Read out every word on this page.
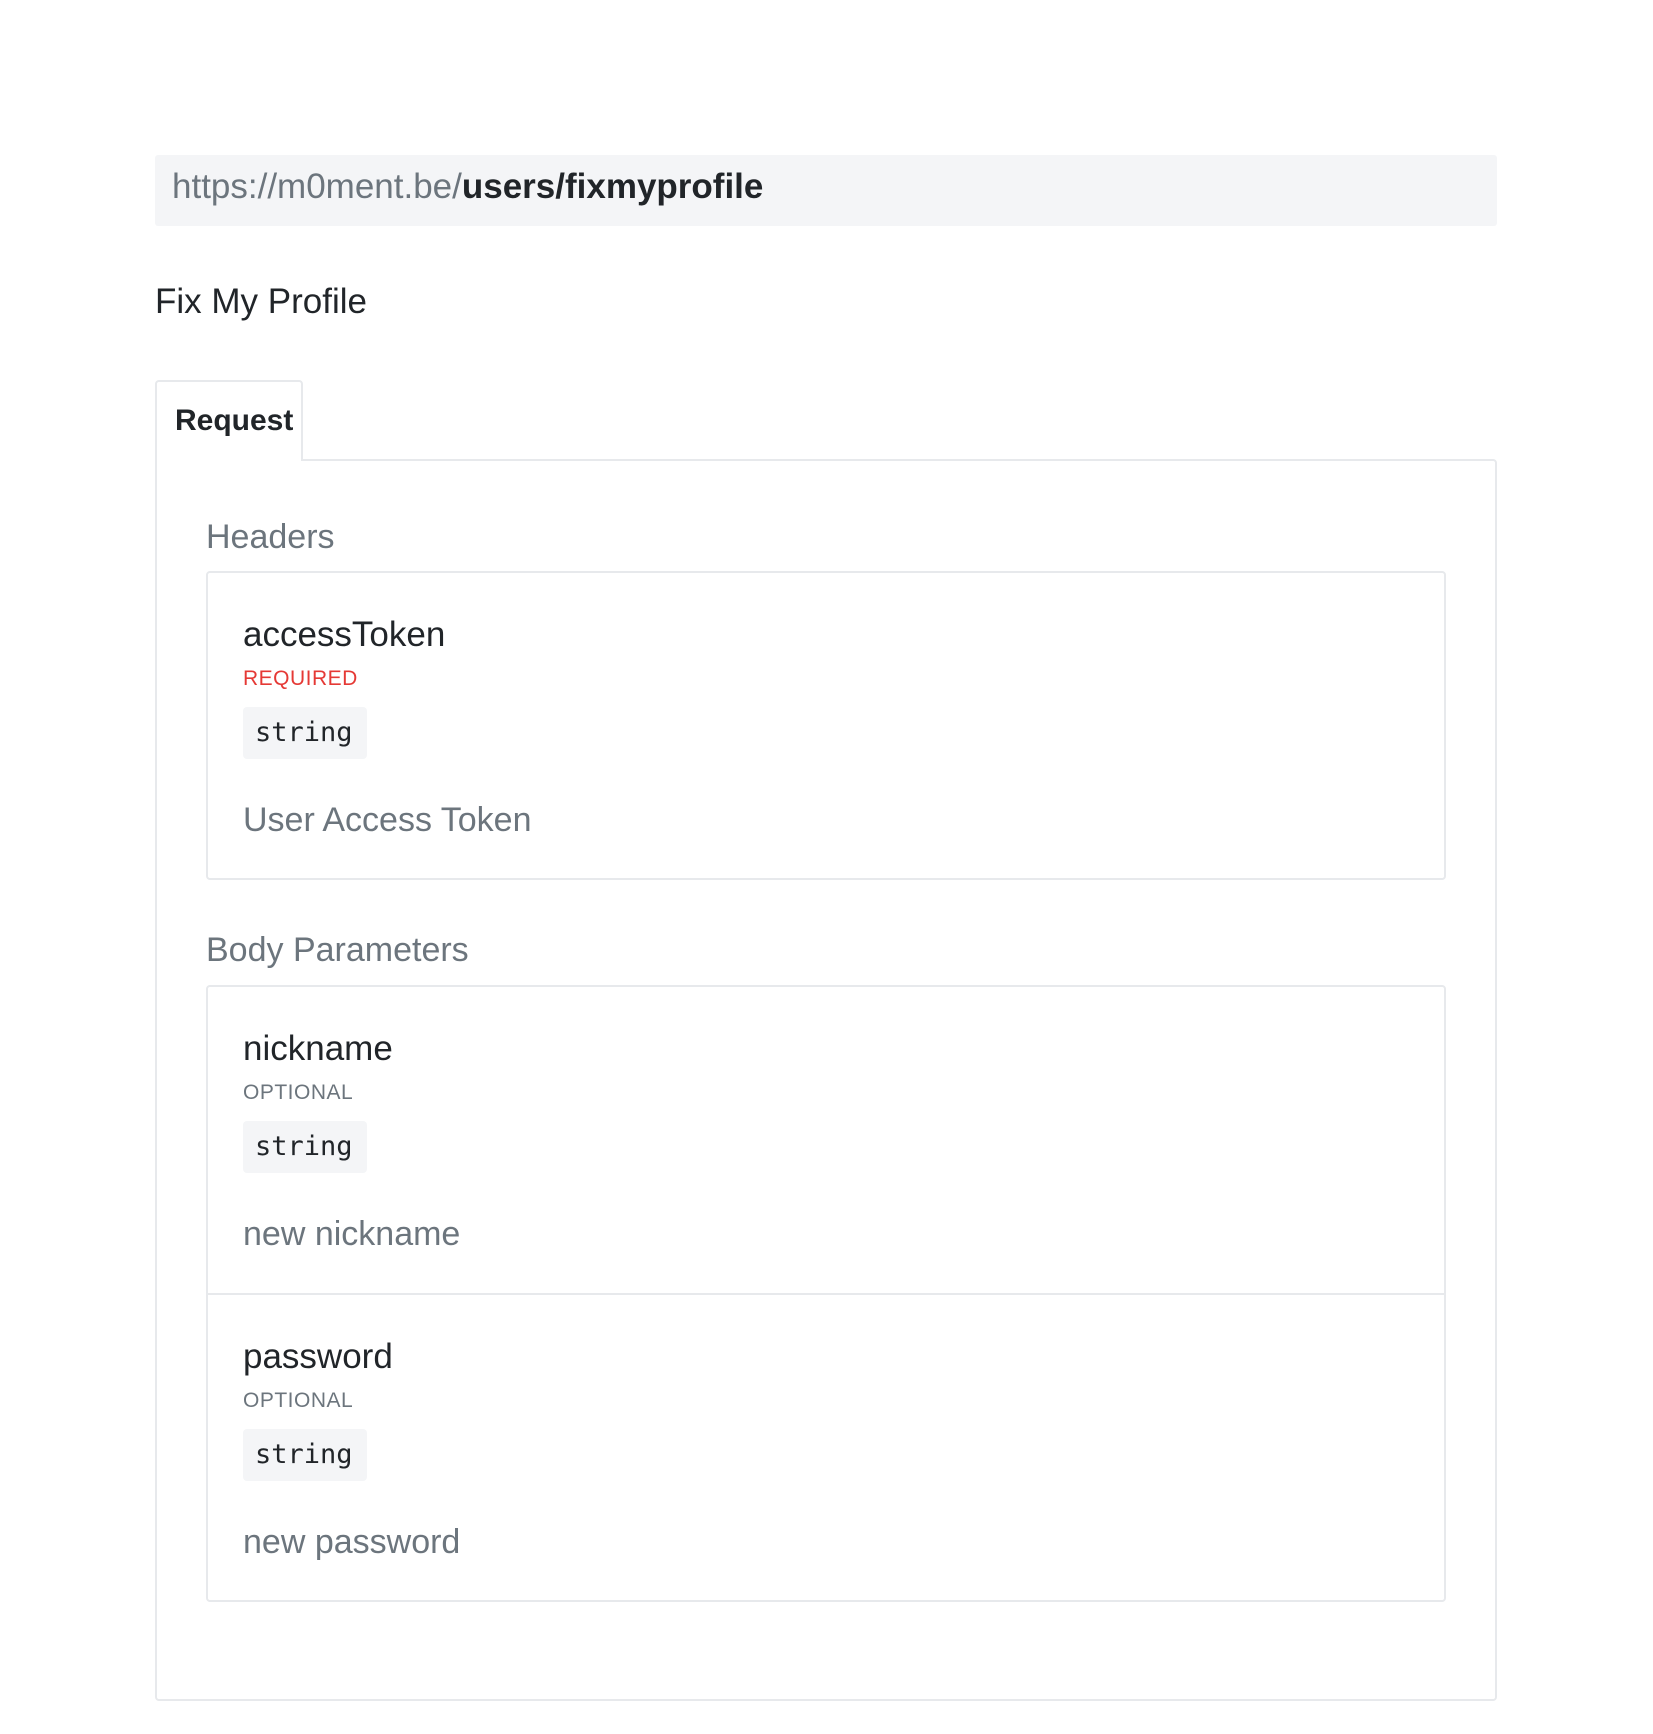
https://m0ment.be/users/fixmyprofile
Fix My Profile
Request
Headers
accessToken
REQUIRED
string
User Access Token
Body Parameters
nickname
OPTIONAL
string
new nickname
password
OPTIONAL
string
new password
